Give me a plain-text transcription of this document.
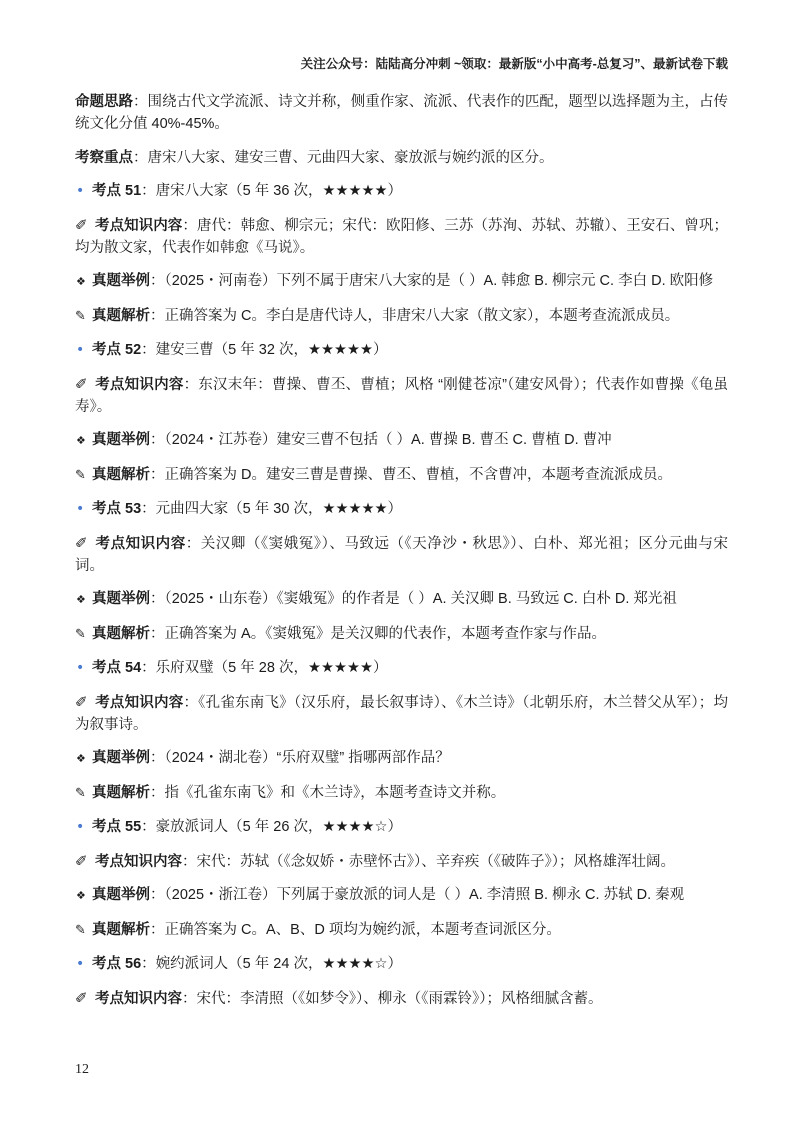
关注公众号：陆陆高分冲刺 ~领取：最新版“小中高考-总复习”、最新试卷下载

命题思路：围绕古代文学流派、诗文并称，侧重作家、流派、代表作的匹配，题型以选择题为主，占传统文化分值 40%-45%。

考察重点：唐宋八大家、建安三曹、元曲四大家、豪放派与婉约派的区分。

• 考点 51：唐宋八大家（5 年 36 次，★★★★★）

✐ 考点知识内容：唐代：韩愈、柳宗元；宋代：欧阳修、三苏（苏洵、苏轼、苏辙）、王安石、曾巩；均为散文家，代表作如韩愈《马说》。

❖ 真题举例：（2025・河南卷）下列不属于唐宋八大家的是（ ）A. 韩愈 B. 柳宗元 C. 李白 D. 欧阳修

✎ 真题解析：正确答案为 C。李白是唐代诗人，非唐宋八大家（散文家），本题考查流派成员。

• 考点 52：建安三曹（5 年 32 次，★★★★★）

✐ 考点知识内容：东汉末年：曹操、曹丕、曹植；风格 “刚健苍凉”（建安风骨）；代表作如曹操《龟虽寿》。

❖ 真题举例：（2024・江苏卷）建安三曹不包括（ ）A. 曹操 B. 曹丕 C. 曹植 D. 曹冲

✎ 真题解析：正确答案为 D。建安三曹是曹操、曹丕、曹植，不含曹冲，本题考查流派成员。

• 考点 53：元曲四大家（5 年 30 次，★★★★★）

✐ 考点知识内容：关汉卿（《窦娥冤》）、马致远（《天净沙・秋思》）、白朴、郑光祖；区分元曲与宋词。

❖ 真题举例：（2025・山东卷）《窦娥冤》的作者是（ ）A. 关汉卿 B. 马致远 C. 白朴 D. 郑光祖

✎ 真题解析：正确答案为 A。《窦娥冤》是关汉卿的代表作，本题考查作家与作品。

• 考点 54：乐府双璧（5 年 28 次，★★★★★）

✐ 考点知识内容：《孔雀东南飞》（汉乐府，最长叙事诗）、《木兰诗》（北朝乐府，木兰替父从军）；均为叙事诗。

❖ 真题举例：（2024・湖北卷）“乐府双璧” 指哪两部作品？

✎ 真题解析：指《孔雀东南飞》和《木兰诗》，本题考查诗文并称。

• 考点 55：豪放派词人（5 年 26 次，★★★★☆）

✐ 考点知识内容：宋代：苏轼（《念奴娇・赤壁怀古》）、辛弃疾（《破阵子》）；风格雄浑壮阔。

❖ 真题举例：（2025・浙江卷）下列属于豪放派的词人是（ ）A. 李清照 B. 柳永 C. 苏轼 D. 秦观

✎ 真题解析：正确答案为 C。A、B、D 项均为婉约派，本题考查词派区分。

• 考点 56：婉约派词人（5 年 24 次，★★★★☆）

✐ 考点知识内容：宋代：李清照（《如梦令》）、柳永（《雨霖铃》）；风格细腻含蓄。

12
